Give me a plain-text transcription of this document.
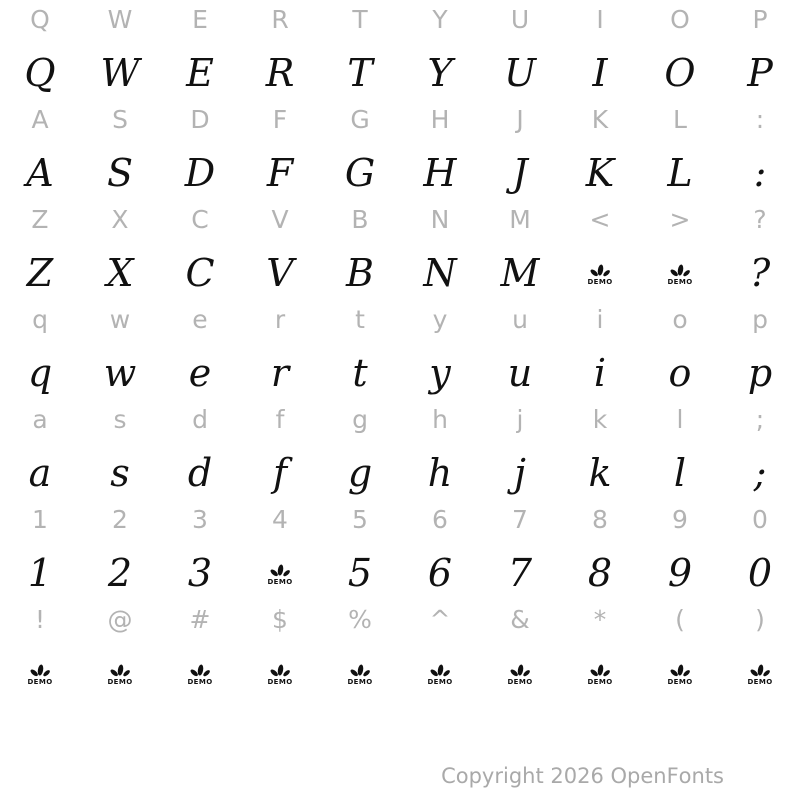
Q W E	R	T	Y	U	I	O	P
Q W E R T Y U I O P
A	S D	F	G H	J	K	L	:
A S D F G H J K L :
Z	X	C	V	B N M < >	?
Z X C V B N M	DEMO	DEMO ?
q w e	r	t	y	u	i	o	p
q w e r t y u i o p
a	s	d	f	g	h	j	k	l	;
a s d f g h j k l ;
1	2	3	4	5	6	7	8	9	0
1 2 3	DEMO 5 6 7 8 9 0
! @ # $ % ^ &	*	(	)
DEMO	DEMO	DEMO	DEMO	DEMO	DEMO	DEMO	DEMO	DEMO	DEMO
Copyright 2026 OpenFonts
